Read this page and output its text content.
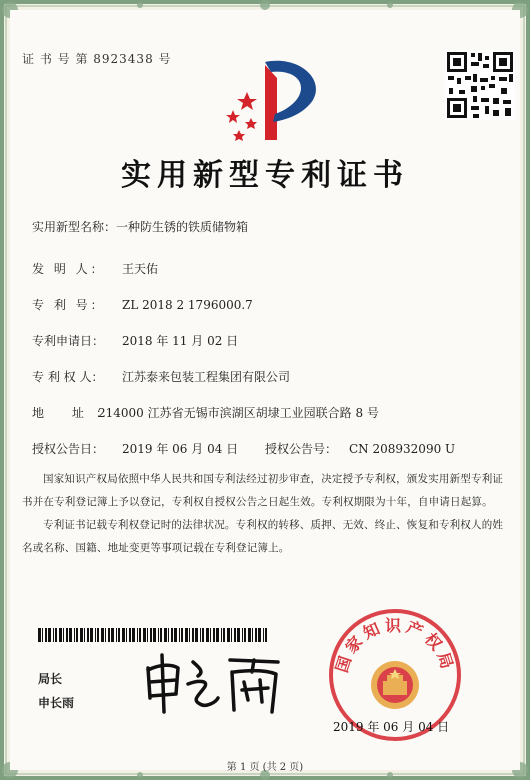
证 书 号 第 8923438 号
实用新型专利证书
实用新型名称：一种防生锈的铁质储物箱
发 明 人： 王天佑
专 利 号： ZL 2018 2 1796000.7
专利申请日： 2018 年 11 月 02 日
专 利 权 人： 江苏泰来包装工程集团有限公司
地 址：214000 江苏省无锡市滨湖区胡埭工业园联合路 8 号
授权公告日： 2019 年 06 月 04 日 授权公告号： CN 208932090 U
国家知识产权局依照中华人民共和国专利法经过初步审查，决定授予专利权，颁发实用新型专利证书并在专利登记簿上予以登记，专利权自授权公告之日起生效。专利权期限为十年，自申请日起算。
专利证书记载专利权登记时的法律状况。专利权的转移、质押、无效、终止、恢复和专利权人的姓名或名称、国籍、地址变更等事项记载在专利登记簿上。
局长
申长雨
国家知识产权局
2019 年 06 月 04 日
第 1 页 (共 2 页)
